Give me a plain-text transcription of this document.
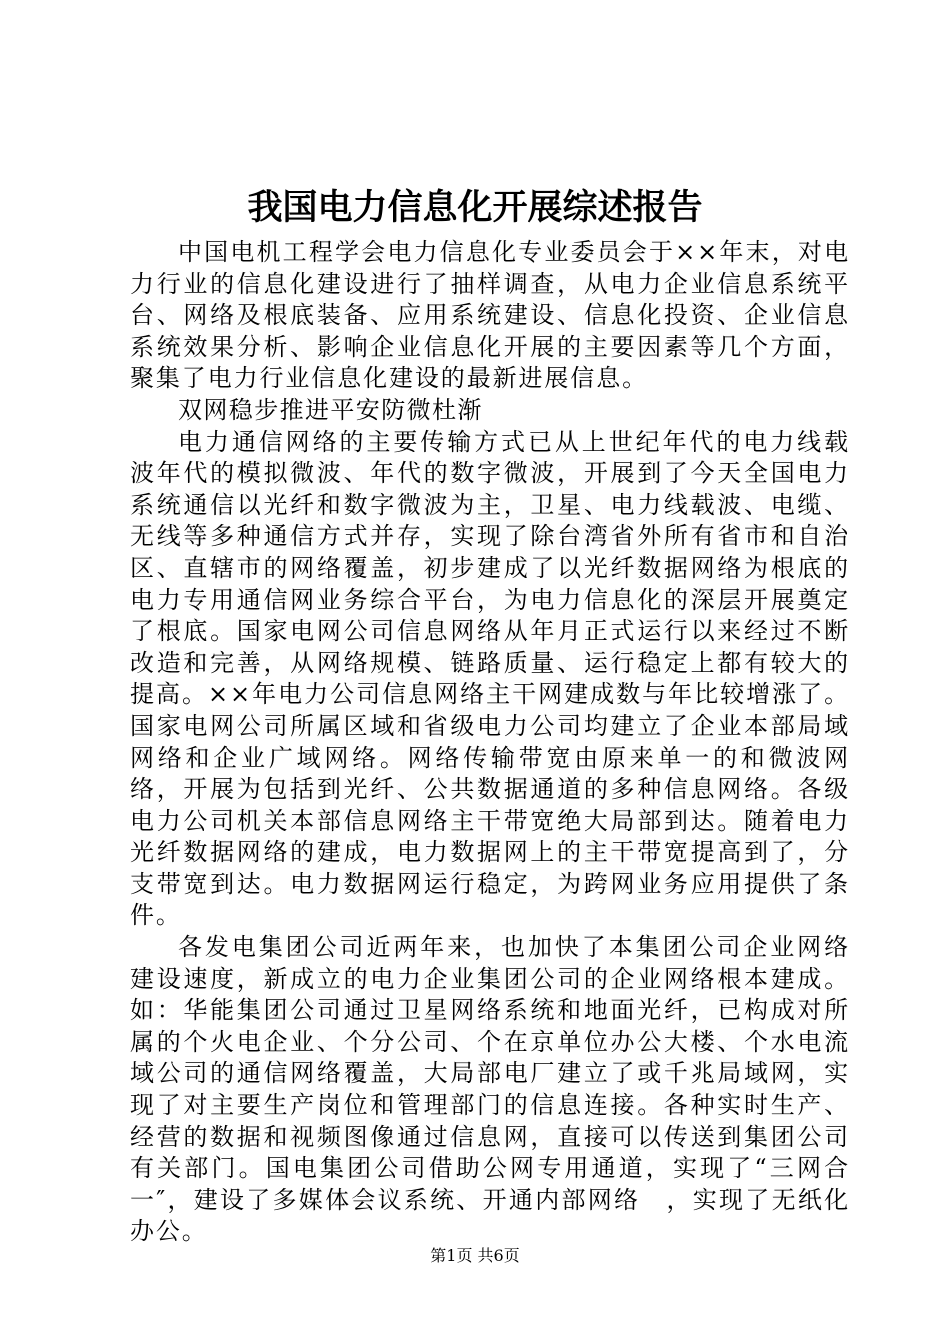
我国电力信息化开展综述报告

中国电机工程学会电力信息化专业委员会于××年末，对电力行业的信息化建设进行了抽样调查，从电力企业信息系统平台、网络及根底装备、应用系统建设、信息化投资、企业信息系统效果分析、影响企业信息化开展的主要因素等几个方面，聚集了电力行业信息化建设的最新进展信息。

双网稳步推进平安防微杜渐

电力通信网络的主要传输方式已从上世纪年代的电力线载波年代的模拟微波、年代的数字微波，开展到了今天全国电力系统通信以光纤和数字微波为主，卫星、电力线载波、电缆、无线等多种通信方式并存，实现了除台湾省外所有省市和自治区、直辖市的网络覆盖，初步建成了以光纤数据网络为根底的电力专用通信网业务综合平台，为电力信息化的深层开展奠定了根底。国家电网公司信息网络从年月正式运行以来经过不断改造和完善，从网络规模、链路质量、运行稳定上都有较大的提高。××年电力公司信息网络主干网建成数与年比较增涨了。国家电网公司所属区域和省级电力公司均建立了企业本部局域网络和企业广域网络。网络传输带宽由原来单一的和微波网络，开展为包括到光纤、公共数据通道的多种信息网络。各级电力公司机关本部信息网络主干带宽绝大局部到达。随着电力光纤数据网络的建成，电力数据网上的主干带宽提高到了，分支带宽到达。电力数据网运行稳定，为跨网业务应用提供了条件。

各发电集团公司近两年来，也加快了本集团公司企业网络建设速度，新成立的电力企业集团公司的企业网络根本建成。如：华能集团公司通过卫星网络系统和地面光纤，已构成对所属的个火电企业、个分公司、个在京单位办公大楼、个水电流域公司的通信网络覆盖，大局部电厂建立了或千兆局域网，实现了对主要生产岗位和管理部门的信息连接。各种实时生产、经营的数据和视频图像通过信息网，直接可以传送到集团公司有关部门。国电集团公司借助公网专用通道，实现了“三网合一″，建设了多媒体会议系统、开通内部网络　，实现了无纸化办公。

第1页 共6页
